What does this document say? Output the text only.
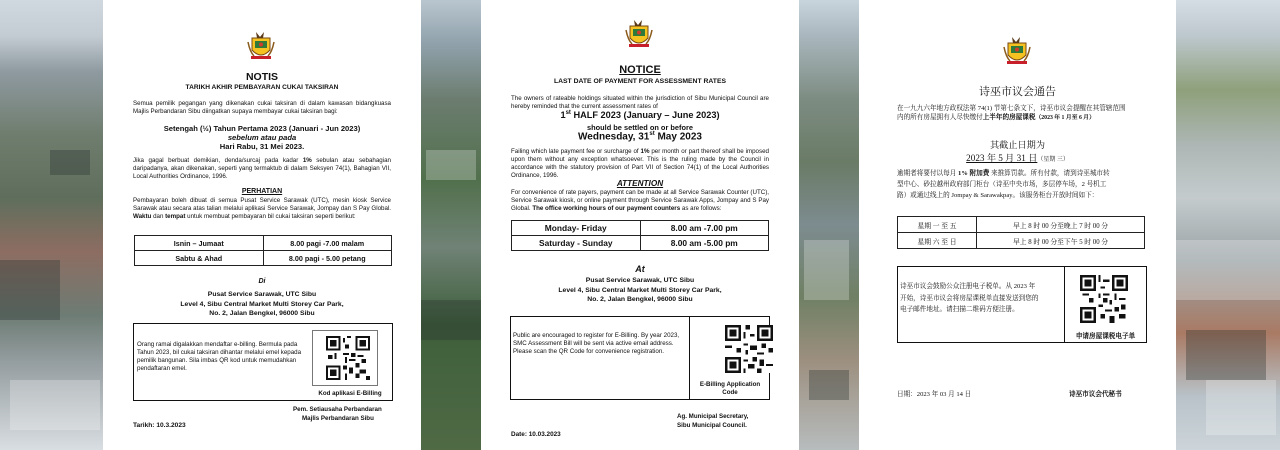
NOTIS
TARIKH AKHIR PEMBAYARAN CUKAI TAKSIRAN
Semua pemilik pegangan yang dikenakan cukai taksiran di dalam kawasan bidangkuasa Majlis Perbandaran Sibu diingatkan supaya membayar cukai taksiran bagi:
Setengah (½) Tahun Pertama 2023 (Januari - Jun 2023)
sebelum atau pada
Hari Rabu, 31 Mei 2023.
Jika gagal berbuat demikian, denda/surcaj pada kadar 1% sebulan atau sebahagian daripadanya, akan dikenakan, seperti yang termaktub di dalam Seksyen 74(1), Bahagian VII, Local Authorities Ordinance, 1996.
PERHATIAN
Pembayaran boleh dibuat di semua Pusat Service Sarawak (UTC), mesin kiosk Service Sarawak atau secara atas talian melalui aplikasi Service Sarawak, Jompay dan S Pay Global. Waktu dan tempat untuk membuat pembayaran bil cukai taksiran seperti berikut:
Isnin – Jumaat	8.00 pagi -7.00 malam
Sabtu & Ahad	8.00 pagi - 5.00 petang
Di
Pusat Service Sarawak, UTC Sibu
Level 4, Sibu Central Market Multi Storey Car Park,
No. 2, Jalan Bengkel, 96000 Sibu
Orang ramai digalakkan mendaftar e-billing. Bermula pada Tahun 2023, bil cukai taksiran dihantar melalui emel kepada pemilik bangunan. Sila imbas QR kod untuk memudahkan pendaftaran emel.
Kod aplikasi E-Billing
Pem. Setiausaha Perbandaran
Majlis Perbandaran Sibu
Tarikh: 10.3.2023
NOTICE
LAST DATE OF PAYMENT FOR ASSESSMENT RATES
The owners of rateable holdings situated within the jurisdiction of Sibu Municipal Council are hereby reminded that the current assessment rates of
1st HALF 2023 (January – June 2023)
should be settled on or before
Wednesday, 31st May 2023
Failing which late payment fee or surcharge of 1% per month or part thereof shall be imposed upon them without any exception whatsoever. This is the ruling made by the Council in accordance with the statutory provision of Part VII of Section 74(1) of the Local Authorities Ordinance, 1996.
ATTENTION
For convenience of rate payers, payment can be made at all Service Sarawak Counter (UTC), Service Sarawak kiosk, or online payment through Service Sarawak Apps, Jompay and S Pay Global. The office working hours of our payment counters as are follows:
Monday- Friday	8.00 am -7.00 pm
Saturday - Sunday	8.00 am -5.00 pm
At
Pusat Service Sarawak, UTC Sibu
Level 4, Sibu Central Market Multi Storey Car Park,
No. 2, Jalan Bengkel, 96000 Sibu
Public are encouraged to register for E-Billing. By year 2023, SMC Assessment Bill will be sent via active email address. Please scan the QR Code for convenience registration.
E-Billing Application
Code
Ag. Municipal Secretary,
Sibu Municipal Council.
Date: 10.03.2023
诗巫市议会通告
在一九九六年地方政权法第 74(1) 节第七条文下，诗巫市议会提醒在其管辖范围
内的所有房屋拥有人尽快缴付上半年的房屋课税（2023 年 1 月至 6 月）
其截止日期为
2023 年 5 月 31 日（星期 三）
逾期者将要付以每月 1% 附加费 来推算罚款。所有付款，请到诗巫城市转
型中心、砂拉越州政府部门柜台（诗巫中央市场，多层停车场，2 号机工
路）或通过线上的 Jompay & Sarawakpay。该服务柜台开放时间如下：
星期 一 至 五	早上 8 时 00 分至晚上 7 时 00 分
星期 六 至 日	早上 8 时 00 分至下午 5 时 00 分
诗巫市议会鼓励公众注册电子税单。从 2023 年
开始，诗巫市议会将房屋课税单直接发送到您的
电子邮件地址。请扫描二维码方便注册。
申请房屋课税电子单
日期：2023 年 03 月 14 日	诗巫市议会代秘书
